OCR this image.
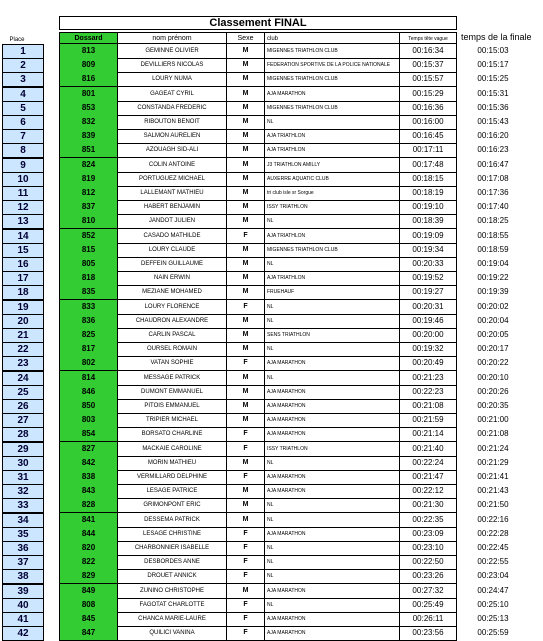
Classement FINAL
Place	Dossard	nom prénom	Sexe	club	Temps tête vague	temps de la finale
1	813	GEMINNE OLIVIER	M	MIGENNES TRIATHLON CLUB	00:16:34	00:15:03
2	809	DEVILLIERS NICOLAS	M	FEDERATION SPORTIVE DE LA POLICE NATIONALE	00:15:37	00:15:17
3	816	LOURY NUMA	M	MIGENNES TRIATHLON CLUB	00:15:57	00:15:25
4	801	GAGEAT CYRIL	M	AJA MARATHON	00:15:29	00:15:31
5	853	CONSTANDA FREDERIC	M	MIGENNES TRIATHLON CLUB	00:16:36	00:15:36
6	832	RIBOUTON BENOIT	M	NL	00:16:00	00:15:43
7	839	SALMON AURELIEN	M	AJA TRIATHLON	00:16:45	00:16:20
8	851	AZOUAGH SID-ALI	M	AJA TRIATHLON	00:17:11	00:16:23
9	824	COLIN ANTOINE	M	J3 TRIATHLON AMILLY	00:17:48	00:16:47
10	819	PORTUGUEZ MICHAEL	M	AUXERRE AQUATIC CLUB	00:18:15	00:17:08
11	812	LALLEMANT MATHIEU	M	tri club isle sr Sorgue	00:18:19	00:17:36
12	837	HABERT BENJAMIN	M	ISSY TRIATHLON	00:19:10	00:17:40
13	810	JANDOT JULIEN	M	NL	00:18:39	00:18:25
14	852	CASADO MATHILDE	F	AJA TRIATHLON	00:19:09	00:18:55
15	815	LOURY CLAUDE	M	MIGENNES TRIATHLON CLUB	00:19:34	00:18:59
16	805	DEFFEIN GUILLAUME	M	NL	00:20:33	00:19:04
17	818	NAIN ERWIN	M	AJA TRIATHLON	00:19:52	00:19:22
18	835	MEZIANE MOHAMED	M	FRUEHAUF	00:19:27	00:19:39
19	833	LOURY FLORENCE	F	NL	00:20:31	00:20:02
20	836	CHAUDRON ALEXANDRE	M	NL	00:19:46	00:20:04
21	825	CARLIN PASCAL	M	SENS TRIATHLON	00:20:00	00:20:05
22	817	OURSEL ROMAIN	M	NL	00:19:32	00:20:17
23	802	VATAN SOPHIE	F	AJA MARATHON	00:20:49	00:20:22
24	814	MESSAGE PATRICK	M	NL	00:21:23	00:20:10
25	846	DUMONT EMMANUEL	M	AJA MARATHON	00:22:23	00:20:26
26	850	PITOIS EMMANUEL	M	AJA MARATHON	00:21:08	00:20:35
27	803	TRIPIER MICHAEL	M	AJA MARATHON	00:21:59	00:21:00
28	854	BORSATO CHARLINE	F	AJA MARATHON	00:21:14	00:21:08
29	827	MACKAIE CAROLINE	F	ISSY TRIATHLON	00:21:40	00:21:24
30	842	MORIN MATHIEU	M	NL	00:22:24	00:21:29
31	838	VERMILLARD DELPHINE	F	AJA MARATHON	00:21:47	00:21:41
32	843	LESAGE PATRICE	M	AJA MARATHON	00:22:12	00:21:43
33	828	GRIMONPONT ERIC	M	NL	00:21:30	00:21:50
34	841	DESSEMA PATRICK	M	NL	00:22:35	00:22:16
35	844	LESAGE CHRISTINE	F	AJA MARATHON	00:23:09	00:22:28
36	820	CHARBONNIER ISABELLE	F	NL	00:23:10	00:22:45
37	822	DESBORDES ANNE	F	NL	00:22:50	00:22:55
38	829	DROUET ANNICK	F	NL	00:23:26	00:23:04
39	849	ZUNINO CHRISTOPHE	M	AJA MARATHON	00:27:32	00:24:47
40	808	FAGOTAT CHARLOTTE	F	NL	00:25:49	00:25:10
41	845	CHANCA MARIE-LAURE	F	AJA MARATHON	00:26:11	00:25:13
42	847	QUILICI VANINA	F	AJA MARATHON	00:23:56	00:25:59
